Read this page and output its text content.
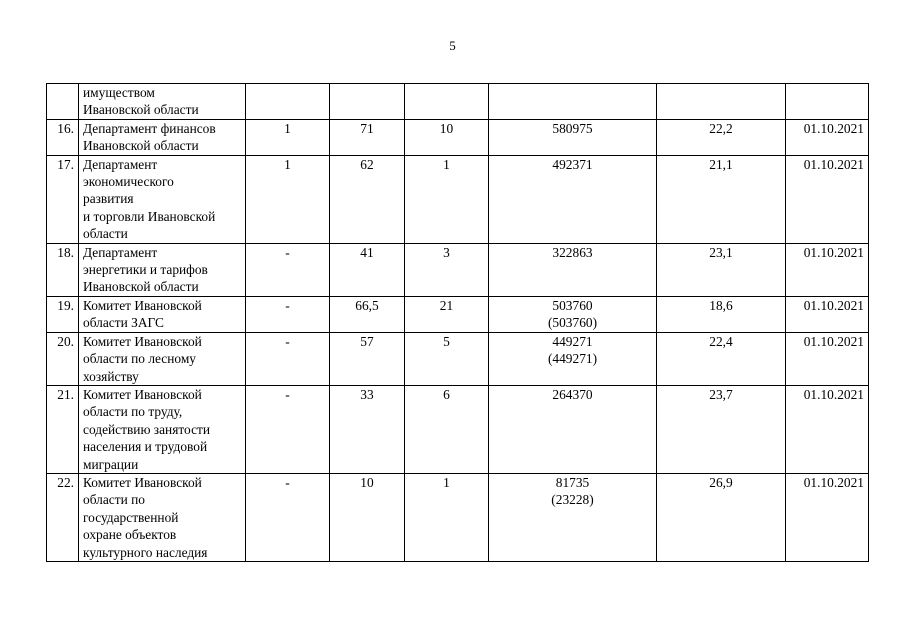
5

	имуществом
Ивановской области						

16.	Департамент финансов
Ивановской области	1	71	10	580975	22,2	01.10.2021
17.	Департамент
экономического
развития
и торговли Ивановской
области	1	62	1	492371	21,1	01.10.2021
18.	Департамент
энергетики и тарифов
Ивановской области	-	41	3	322863	23,1	01.10.2021
19.	Комитет Ивановской
области ЗАГС	-	66,5	21	503760
(503760)	18,6	01.10.2021
20.	Комитет Ивановской
области по лесному
хозяйству	-	57	5	449271
(449271)	22,4	01.10.2021
21.	Комитет Ивановской
области по труду,
содействию занятости
населения и трудовой
миграции	-	33	6	264370	23,7	01.10.2021
22.	Комитет Ивановской
области по
государственной
охране объектов
культурного наследия	-	10	1	81735
(23228)	26,9	01.10.2021
